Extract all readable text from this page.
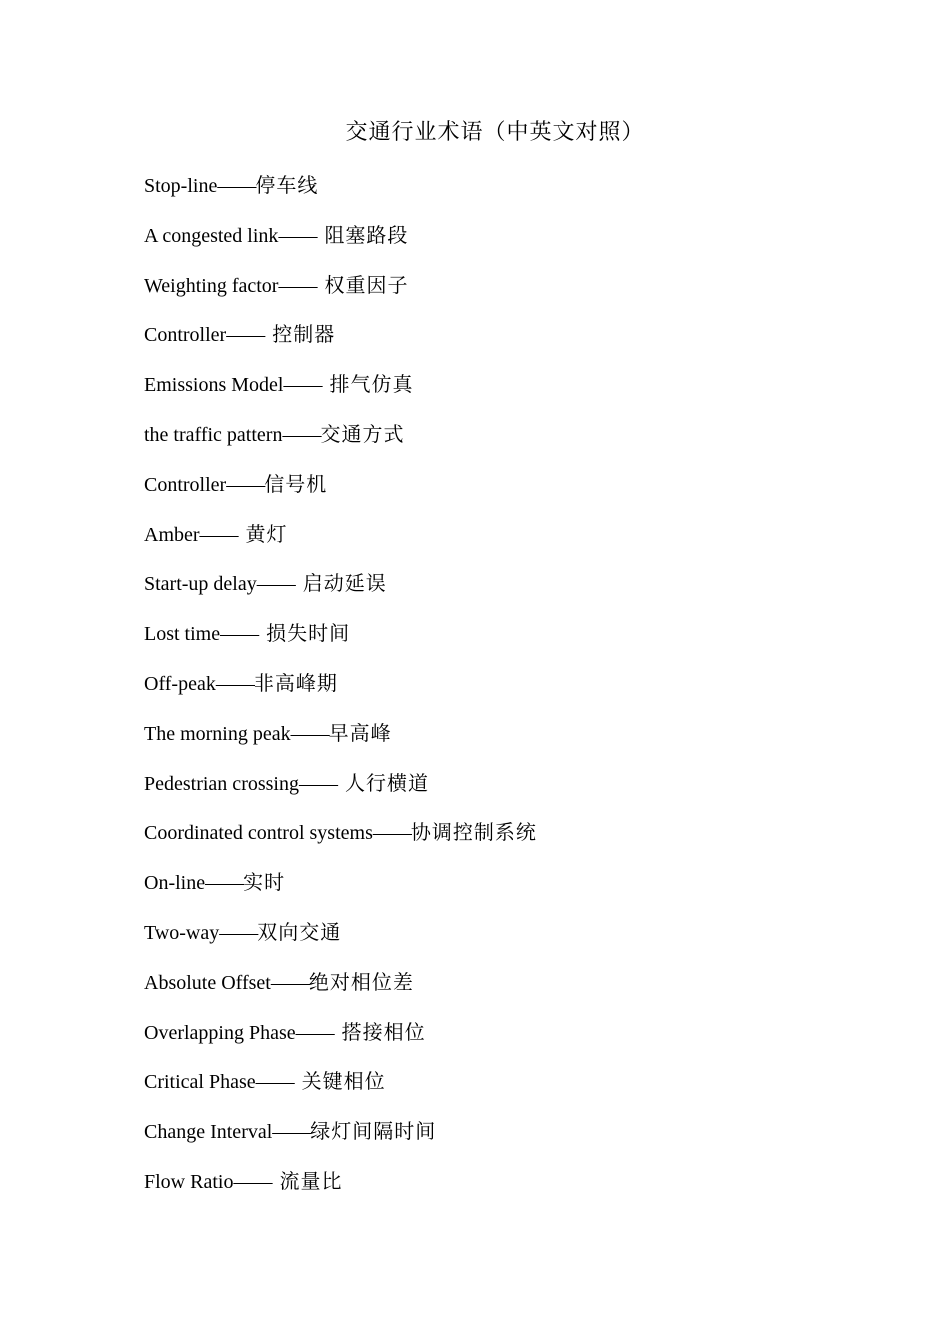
交通行业术语（中英文对照）
Stop-line——停车线
A congested link——  阻塞路段
Weighting factor——  权重因子
Controller——  控制器
Emissions Model——  排气仿真
the traffic pattern——交通方式
Controller——信号机
Amber——  黄灯
Start-up delay——  启动延误
Lost time——  损失时间
Off-peak——非高峰期
The morning peak——早高峰
Pedestrian crossing——  人行横道
Coordinated control systems——协调控制系统
On-line——实时
Two-way——双向交通
Absolute Offset——绝对相位差
Overlapping Phase——  搭接相位
Critical Phase——  关键相位
Change Interval——绿灯间隔时间
Flow Ratio——  流量比
